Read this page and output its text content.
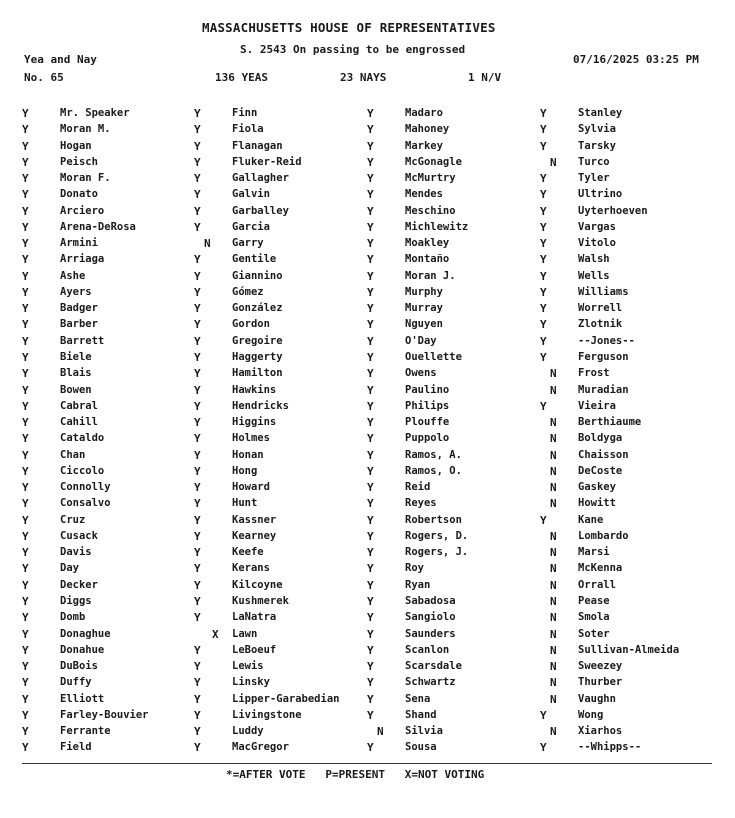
MASSACHUSETTS HOUSE OF REPRESENTATIVES
S. 2543 On passing to be engrossed
Yea and Nay	07/16/2025 03:25 PM
No. 65	136 YEAS	23 NAYS	1 N/V
Y	Mr. Speaker
Y	Moran M.
Y	Hogan
Y	Peisch
Y	Moran F.
Y	Donato
Y	Arciero
Y	Arena-DeRosa
Y	Armini
Y	Arriaga
Y	Ashe
Y	Ayers
Y	Badger
Y	Barber
Y	Barrett
Y	Biele
Y	Blais
Y	Bowen
Y	Cabral
Y	Cahill
Y	Cataldo
Y	Chan
Y	Ciccolo
Y	Connolly
Y	Consalvo
Y	Cruz
Y	Cusack
Y	Davis
Y	Day
Y	Decker
Y	Diggs
Y	Domb
Y	Donaghue
Y	Donahue
Y	DuBois
Y	Duffy
Y	Elliott
Y	Farley-Bouvier
Y	Ferrante
Y	Field
Y	Finn
Y	Fiola
Y	Flanagan
Y	Fluker-Reid
Y	Gallagher
Y	Galvin
Y	Garballey
Y	Garcia
N Garry
Y	Gentile
Y	Giannino
Y	Gómez
Y	González
Y	Gordon
Y	Gregoire
Y	Haggerty
Y	Hamilton
Y	Hawkins
Y	Hendricks
Y	Higgins
Y	Holmes
Y	Honan
Y	Hong
Y	Howard
Y	Hunt
Y	Kassner
Y	Kearney
Y	Keefe
Y	Kerans
Y	Kilcoyne
Y	Kushmerek
Y	LaNatra
X Lawn
Y	LeBoeuf
Y	Lewis
Y	Linsky
Y	Lipper-Garabedian
Y	Livingstone
Y	Luddy
Y	MacGregor
Y	Madaro
Y	Mahoney
Y	Markey
Y	McGonagle
Y	McMurtry
Y	Mendes
Y	Meschino
Y	Michlewitz
Y	Moakley
Y	Montaño
Y	Moran J.
Y	Murphy
Y	Murray
Y	Nguyen
Y	O'Day
Y	Ouellette
Y	Owens
Y	Paulino
Y	Philips
Y	Plouffe
Y	Puppolo
Y	Ramos, A.
Y	Ramos, O.
Y	Reid
Y	Reyes
Y	Robertson
Y	Rogers, D.
Y	Rogers, J.
Y	Roy
Y	Ryan
Y	Sabadosa
Y	Sangiolo
Y	Saunders
Y	Scanlon
Y	Scarsdale
Y	Schwartz
Y	Sena
Y	Shand
N Silvia
Y	Sousa
Y	Stanley
Y	Sylvia
Y	Tarsky
N Turco
Y	Tyler
Y	Ultrino
Y	Uyterhoeven
Y	Vargas
Y	Vitolo
Y	Walsh
Y	Wells
Y	Williams
Y	Worrell
Y	Zlotnik
Y	--Jones--
Y	Ferguson
N Frost
N Muradian
Y	Vieira
N Berthiaume
N Boldyga
N Chaisson
N DeCoste
N Gaskey
N Howitt
Y	Kane
N Lombardo
N Marsi
N McKenna
N Orrall
N Pease
N Smola
N Soter
N Sullivan-Almeida
N Sweezey
N Thurber
N Vaughn
Y	Wong
N Xiarhos
Y	--Whipps--
*=AFTER VOTE   P=PRESENT   X=NOT VOTING
